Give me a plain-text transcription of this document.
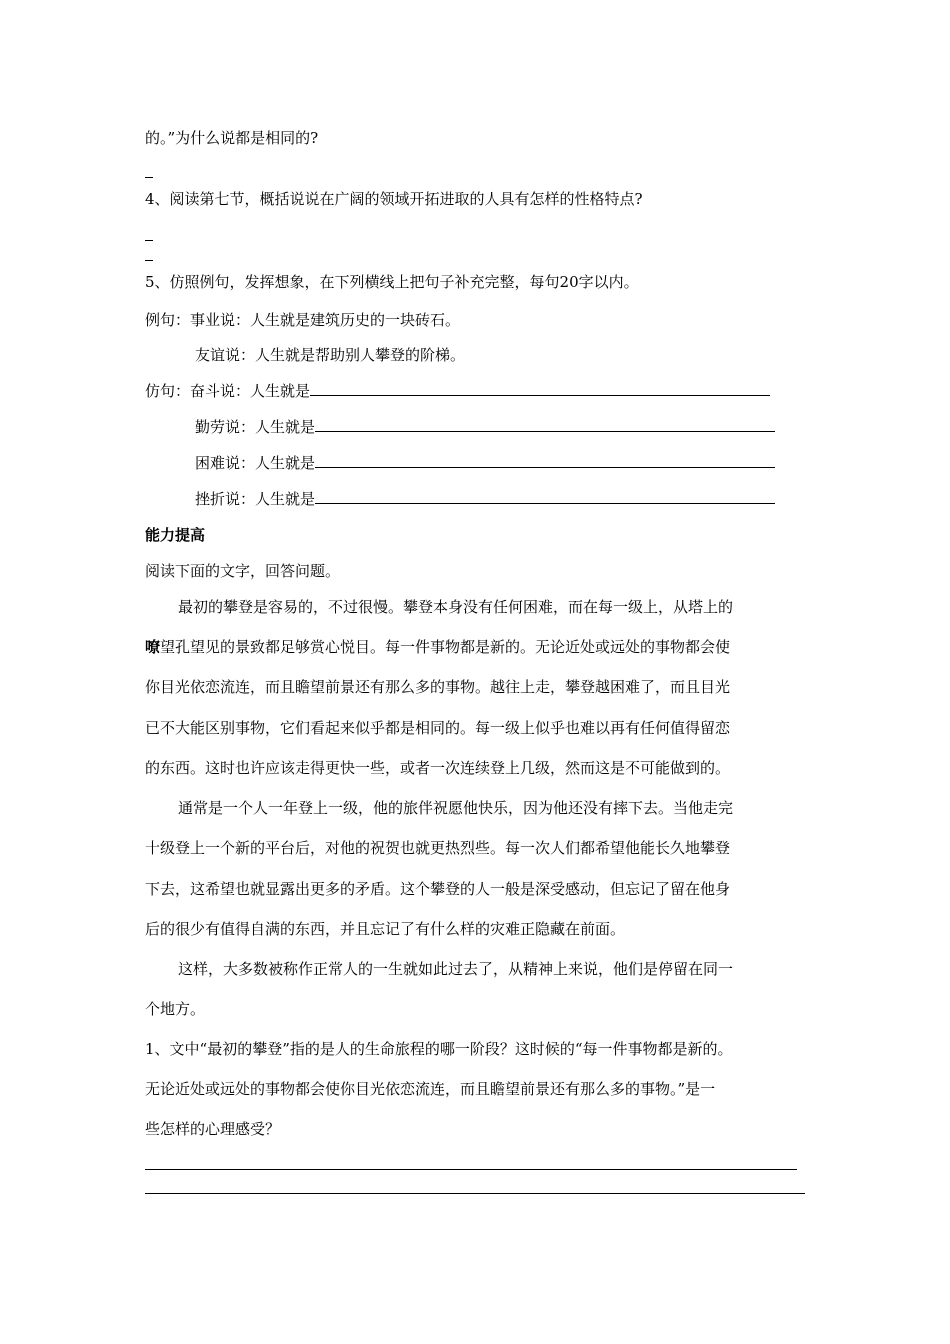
的。”为什么说都是相同的?
4、阅读第七节，概括说说在广阔的领域开拓进取的人具有怎样的性格特点?
5、仿照例句，发挥想象，在下列横线上把句子补充完整，每句20字以内。
例句：事业说：人生就是建筑历史的一块砖石。
友谊说：人生就是帮助别人攀登的阶梯。
仿句：奋斗说：人生就是
勤劳说：人生就是
困难说：人生就是
挫折说：人生就是
能力提高
阅读下面的文字，回答问题。
最初的攀登是容易的，不过很慢。攀登本身没有任何困难，而在每一级上，从塔上的
嘹望孔望见的景致都足够赏心悦目。每一件事物都是新的。无论近处或远处的事物都会使
你目光依恋流连，而且瞻望前景还有那么多的事物。越往上走，攀登越困难了，而且目光
已不大能区别事物，它们看起来似乎都是相同的。每一级上似乎也难以再有任何值得留恋
的东西。这时也许应该走得更快一些，或者一次连续登上几级，然而这是不可能做到的。
通常是一个人一年登上一级，他的旅伴祝愿他快乐，因为他还没有摔下去。当他走完
十级登上一个新的平台后，对他的祝贺也就更热烈些。每一次人们都希望他能长久地攀登
下去，这希望也就显露出更多的矛盾。这个攀登的人一般是深受感动，但忘记了留在他身
后的很少有值得自满的东西，并且忘记了有什么样的灾难正隐藏在前面。
这样，大多数被称作正常人的一生就如此过去了，从精神上来说，他们是停留在同一
个地方。
1、文中“最初的攀登”指的是人的生命旅程的哪一阶段？这时候的“每一件事物都是新的。
无论近处或远处的事物都会使你目光依恋流连，而且瞻望前景还有那么多的事物。”是一
些怎样的心理感受？
